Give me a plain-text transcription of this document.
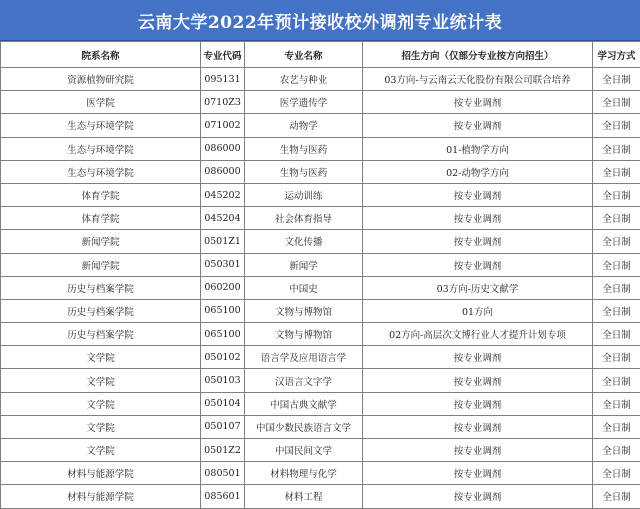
云南大学2022年预计接收校外调剂专业统计表
院系名称	专业代码	专业名称	招生方向（仅部分专业按方向招生）	学习方式
资源植物研究院	095131	农艺与种业	03方向-与云南云天化股份有限公司联合培养	全日制
医学院	0710Z3	医学遗传学	按专业调剂	全日制
生态与环境学院	071002	动物学	按专业调剂	全日制
生态与环境学院	086000	生物与医药	01-植物学方向	全日制
生态与环境学院	086000	生物与医药	02-动物学方向	全日制
体育学院	045202	运动训练	按专业调剂	全日制
体育学院	045204	社会体育指导	按专业调剂	全日制
新闻学院	0501Z1	文化传播	按专业调剂	全日制
新闻学院	050301	新闻学	按专业调剂	全日制
历史与档案学院	060200	中国史	03方向-历史文献学	全日制
历史与档案学院	065100	文物与博物馆	01方向	全日制
历史与档案学院	065100	文物与博物馆	02方向-高层次文博行业人才提升计划专项	全日制
文学院	050102	语言学及应用语言学	按专业调剂	全日制
文学院	050103	汉语言文字学	按专业调剂	全日制
文学院	050104	中国古典文献学	按专业调剂	全日制
文学院	050107	中国少数民族语言文学	按专业调剂	全日制
文学院	0501Z2	中国民间文学	按专业调剂	全日制
材料与能源学院	080501	材料物理与化学	按专业调剂	全日制
材料与能源学院	085601	材料工程	按专业调剂	全日制
